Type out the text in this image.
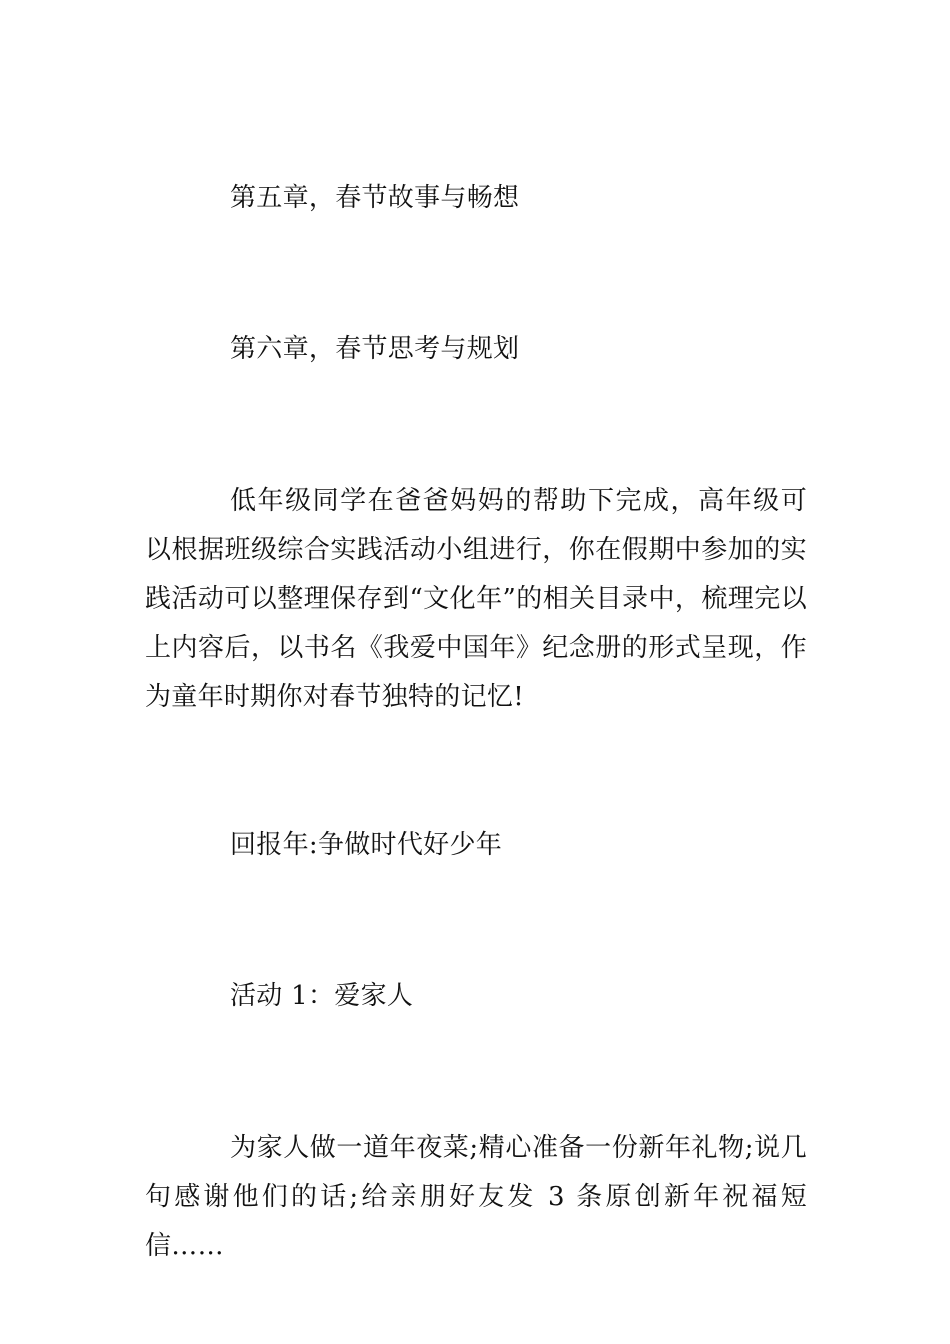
第五章，春节故事与畅想

第六章，春节思考与规划

低年级同学在爸爸妈妈的帮助下完成，高年级可以根据班级综合实践活动小组进行，你在假期中参加的实践活动可以整理保存到“文化年”的相关目录中，梳理完以上内容后，以书名《我爱中国年》纪念册的形式呈现，作为童年时期你对春节独特的记忆!

回报年:争做时代好少年

活动 1：爱家人

为家人做一道年夜菜;精心准备一份新年礼物;说几句感谢他们的话;给亲朋好友发 3 条原创新年祝福短信……
